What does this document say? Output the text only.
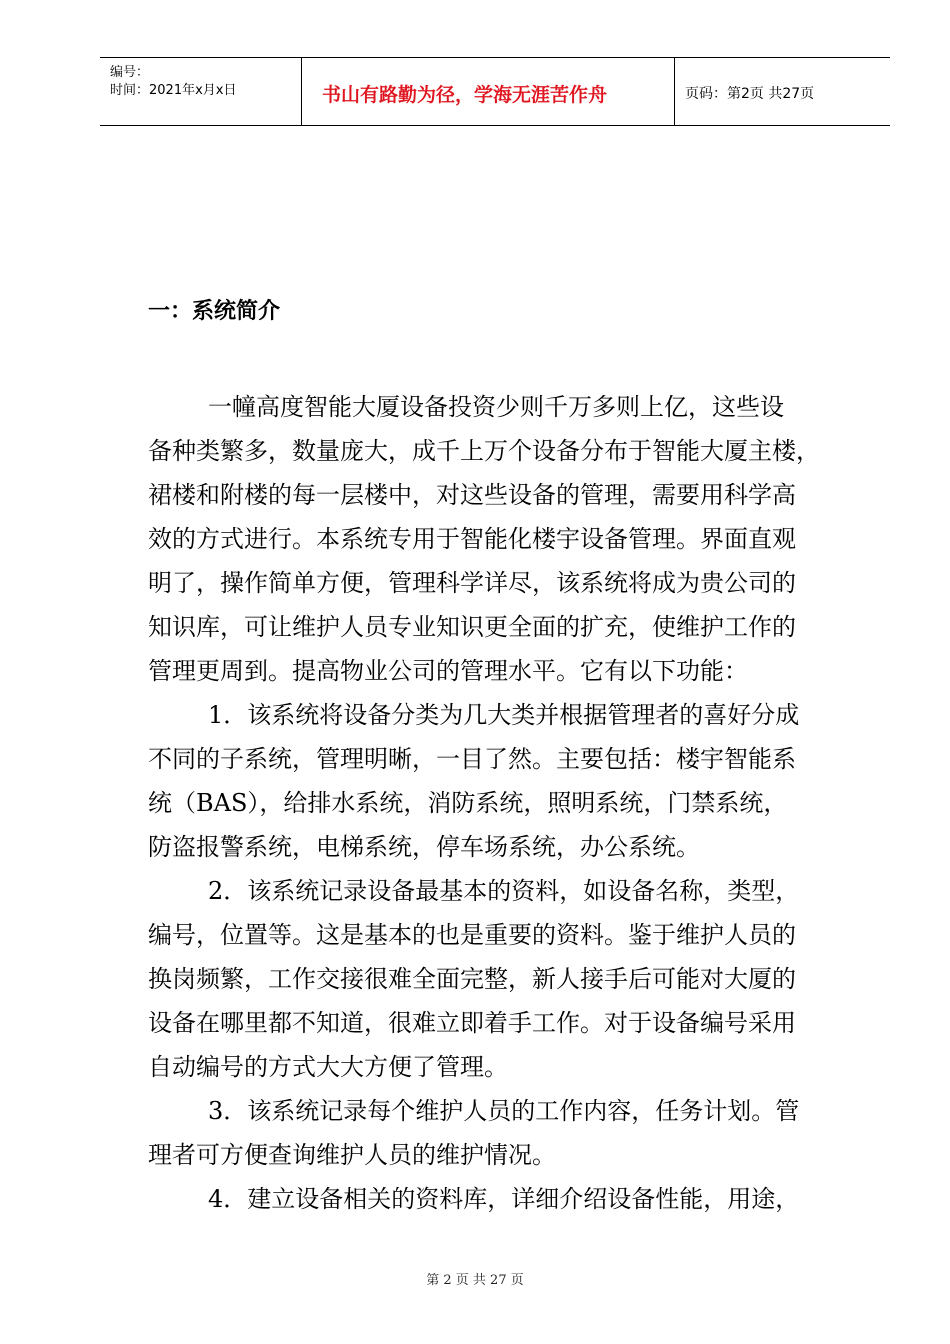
编号：
时间：2021年x月x日	书山有路勤为径，学海无涯苦作舟	页码：第2页 共27页
一：系统简介
一幢高度智能大厦设备投资少则千万多则上亿，这些设
备种类繁多，数量庞大，成千上万个设备分布于智能大厦主楼，
裙楼和附楼的每一层楼中，对这些设备的管理，需要用科学高
效的方式进行。本系统专用于智能化楼宇设备管理。界面直观
明了，操作简单方便，管理科学详尽，该系统将成为贵公司的
知识库，可让维护人员专业知识更全面的扩充，使维护工作的
管理更周到。提高物业公司的管理水平。它有以下功能：
1．该系统将设备分类为几大类并根据管理者的喜好分成
不同的子系统，管理明晰，一目了然。主要包括：楼宇智能系
统（BAS），给排水系统，消防系统，照明系统，门禁系统，
防盗报警系统，电梯系统，停车场系统，办公系统。
2．该系统记录设备最基本的资料，如设备名称，类型，
编号，位置等。这是基本的也是重要的资料。鉴于维护人员的
换岗频繁，工作交接很难全面完整，新人接手后可能对大厦的
设备在哪里都不知道，很难立即着手工作。对于设备编号采用
自动编号的方式大大方便了管理。
3．该系统记录每个维护人员的工作内容，任务计划。管
理者可方便查询维护人员的维护情况。
4．建立设备相关的资料库，详细介绍设备性能，用途，
第 2 页 共 27 页
